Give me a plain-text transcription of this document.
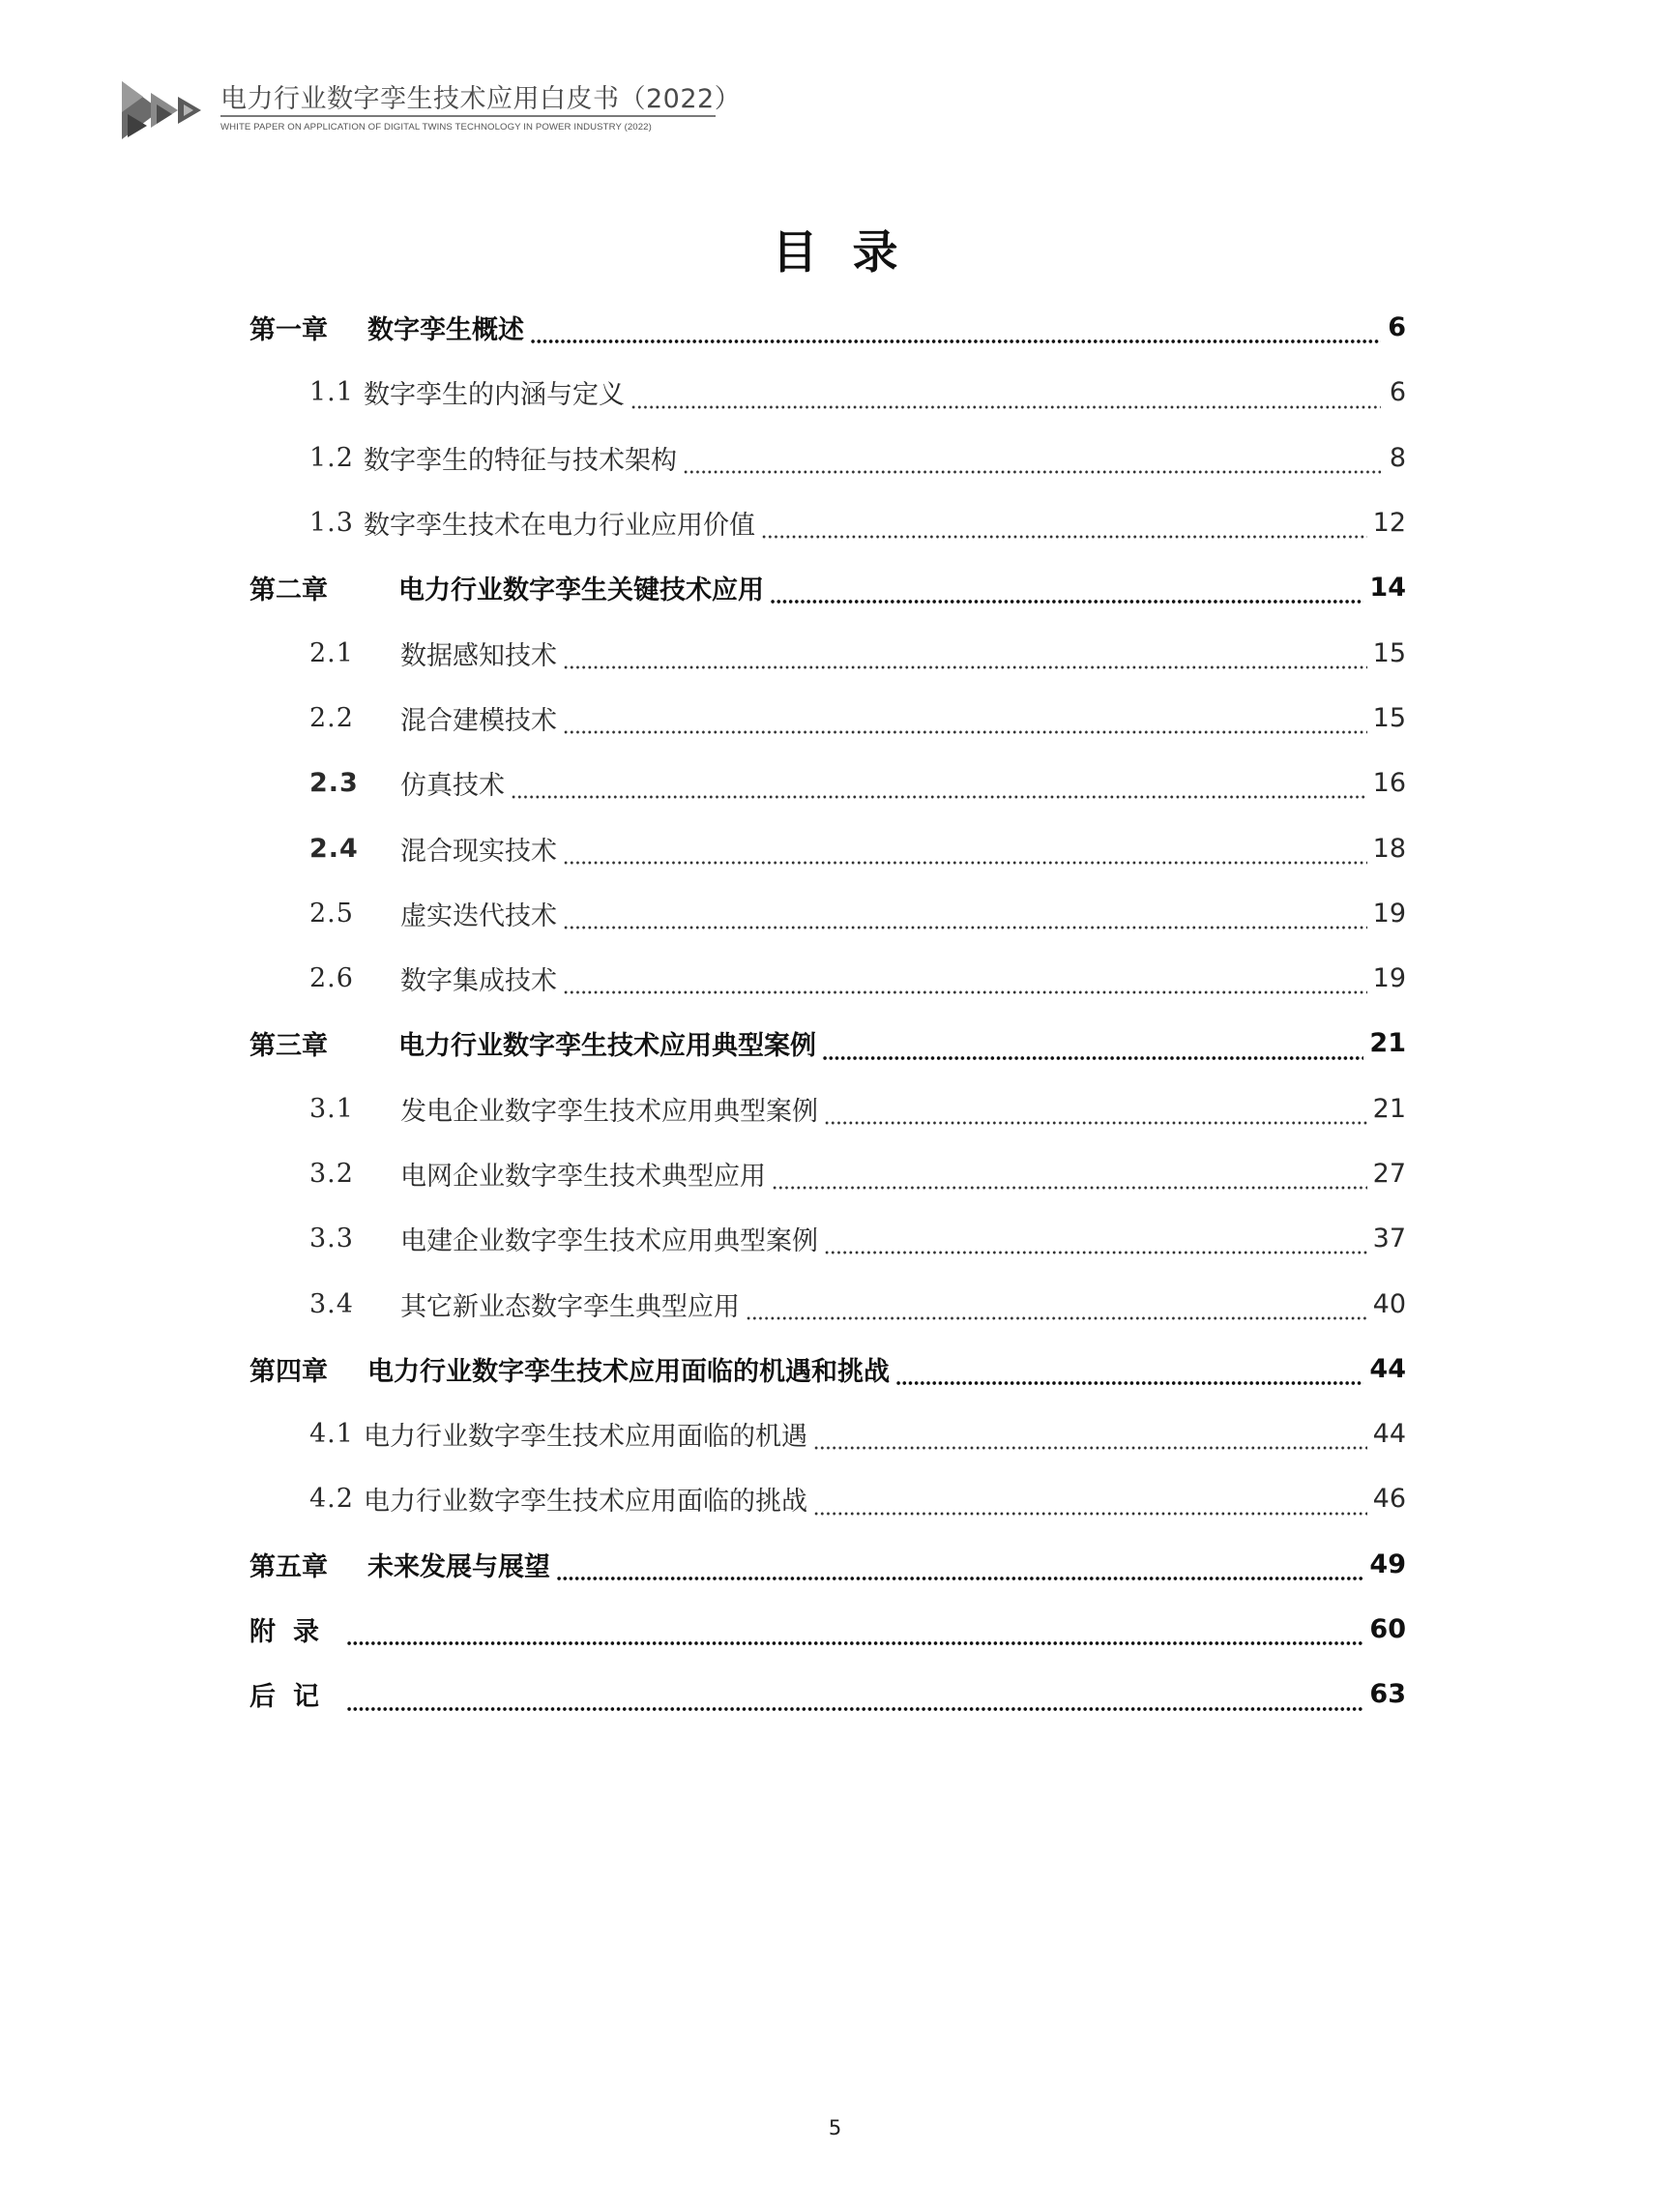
电力行业数字孪生技术应用白皮书（2022）
WHITE PAPER ON APPLICATION OF DIGITAL TWINS TECHNOLOGY IN POWER INDUSTRY (2022)
目录
第一章	数字孪生概述	6
1.1 数字孪生的内涵与定义	6
1.2 数字孪生的特征与技术架构	8
1.3 数字孪生技术在电力行业应用价值	12
第二章	电力行业数字孪生关键技术应用	14
2.1	数据感知技术	15
2.2	混合建模技术	15
2.3	仿真技术	16
2.4	混合现实技术	18
2.5	虚实迭代技术	19
2.6	数字集成技术	19
第三章	电力行业数字孪生技术应用典型案例	21
3.1	发电企业数字孪生技术应用典型案例	21
3.2	电网企业数字孪生技术典型应用	27
3.3	电建企业数字孪生技术应用典型案例	37
3.4	其它新业态数字孪生典型应用	40
第四章	电力行业数字孪生技术应用面临的机遇和挑战	44
4.1 电力行业数字孪生技术应用面临的机遇	44
4.2 电力行业数字孪生技术应用面临的挑战	46
第五章	未来发展与展望	49
附录	60
后记	63
5
